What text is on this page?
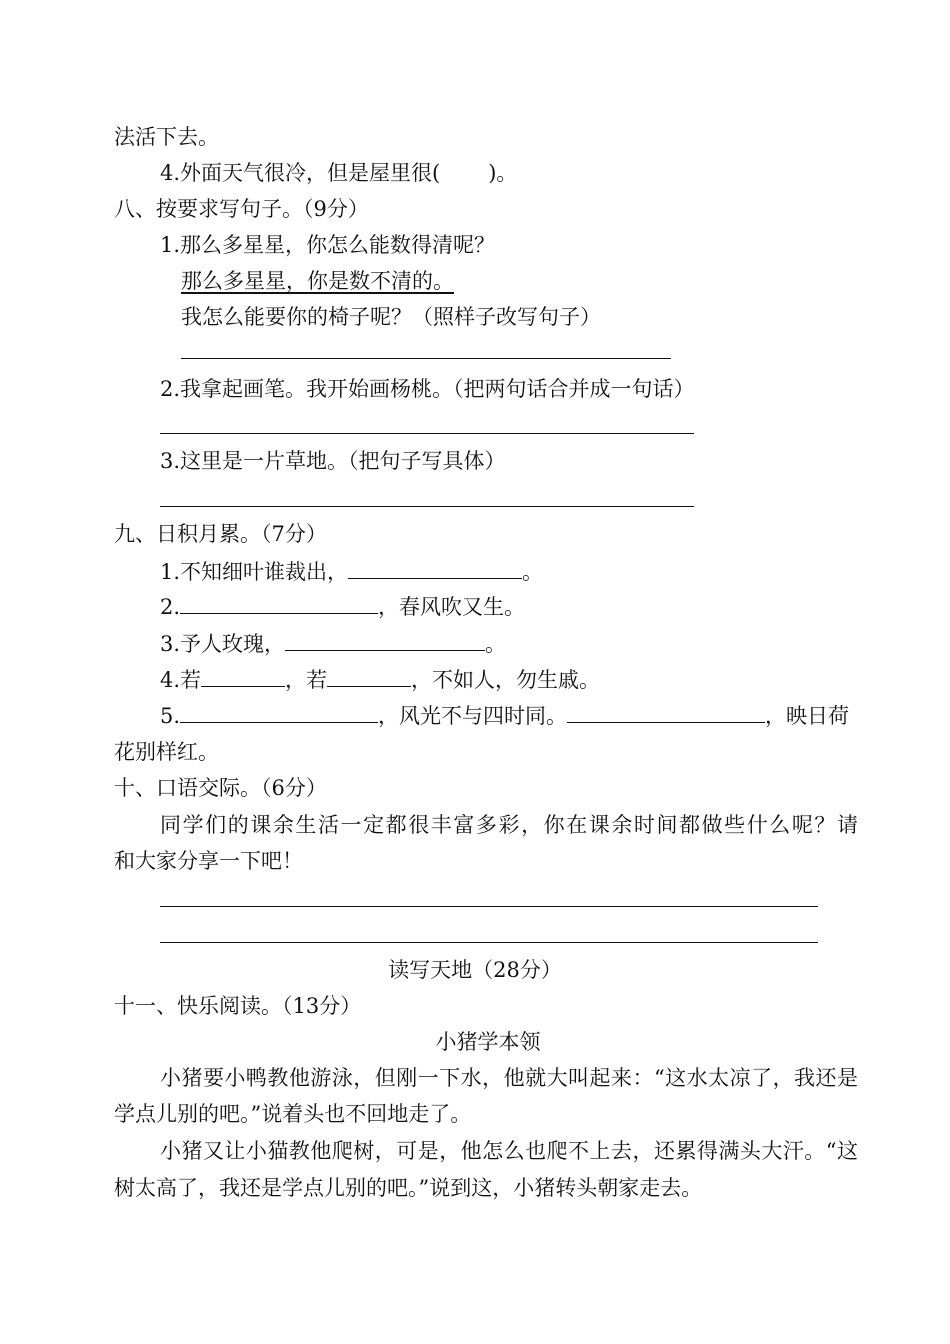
法活下去。
4.外面天气很冷，但是屋里很( )。
八、按要求写句子。（9分）
1.那么多星星，你怎么能数得清呢？
那么多星星，你是数不清的。
我怎么能要你的椅子呢？（照样子改写句子）
2.我拿起画笔。我开始画杨桃。（把两句话合并成一句话）
3.这里是一片草地。（把句子写具体）
九、日积月累。（7分）
1.不知细叶谁裁出，	。
2.	，春风吹又生。
3.予人玫瑰，	。
4.若	，若	，不如人，勿生戚。
5.	，风光不与四时同。	，映日荷
花别样红。
十、口语交际。（6分）
同学们的课余生活一定都很丰富多彩，你在课余时间都做些什么呢？请
和大家分享一下吧！
读写天地（28分）
十一、快乐阅读。（13分）
小猪学本领
小猪要小鸭教他游泳，但刚一下水，他就大叫起来：“这水太凉了，我还是
学点儿别的吧。”说着头也不回地走了。
小猪又让小猫教他爬树，可是，他怎么也爬不上去，还累得满头大汗。“这
树太高了，我还是学点儿别的吧。”说到这，小猪转头朝家走去。
